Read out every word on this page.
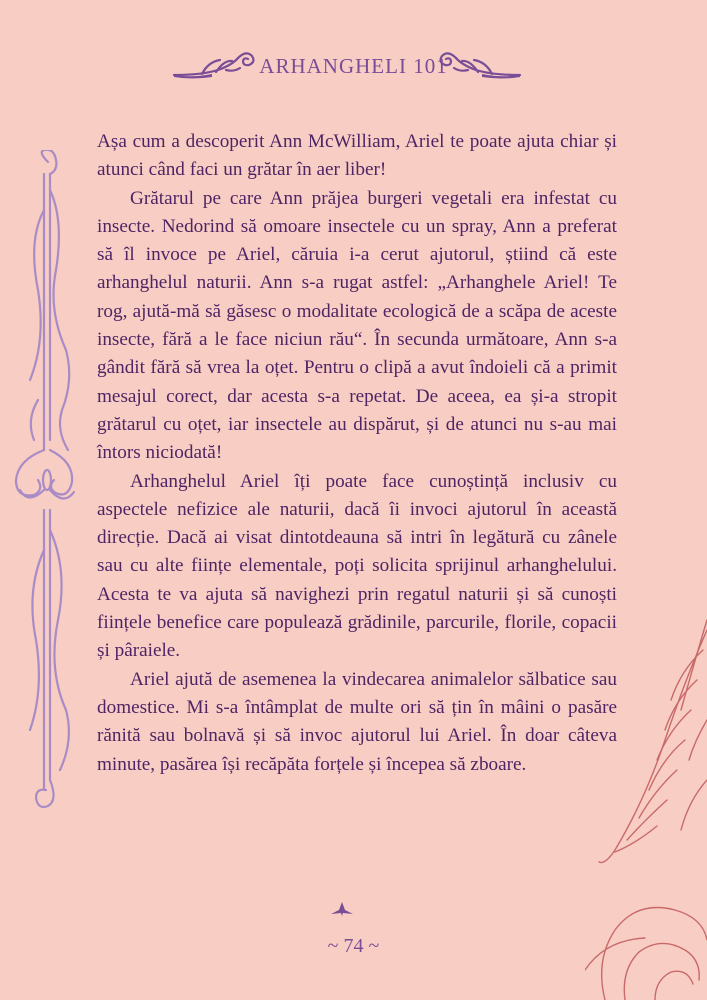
ARHANGHELI 101

Așa cum a descoperit Ann McWilliam, Ariel te poate ajuta chiar și atunci când faci un grătar în aer liber!

Grătarul pe care Ann prăjea burgeri vegetali era infestat cu insecte. Nedorind să omoare insectele cu un spray, Ann a preferat să îl invoce pe Ariel, căruia i-a cerut ajutorul, știind că este arhanghelul naturii. Ann s-a rugat astfel: „Arhanghele Ariel! Te rog, ajută-mă să găsesc o modalitate ecologică de a scăpa de aceste insecte, fără a le face niciun rău“. În secunda următoare, Ann s-a gândit fără să vrea la oțet. Pentru o clipă a avut îndoieli că a primit mesajul corect, dar acesta s-a repetat. De aceea, ea și-a stropit grătarul cu oțet, iar insectele au dispărut, și de atunci nu s-au mai întors niciodată!

Arhanghelul Ariel îți poate face cunoștință inclusiv cu aspectele nefizice ale naturii, dacă îi invoci ajutorul în această direcție. Dacă ai visat dintotdeauna să intri în legătură cu zânele sau cu alte ființe elementale, poți solicita sprijinul arhanghelului. Acesta te va ajuta să navighezi prin regatul naturii și să cunoști ființele benefice care populează grădinile, parcurile, florile, copacii și pâraiele.

Ariel ajută de asemenea la vindecarea animalelor sălbatice sau domestice. Mi s-a întâmplat de multe ori să țin în mâini o pasăre rănită sau bolnavă și să invoc ajutorul lui Ariel. În doar câteva minute, pasărea își recăpăta forțele și începea să zboare.

~ 74 ~
